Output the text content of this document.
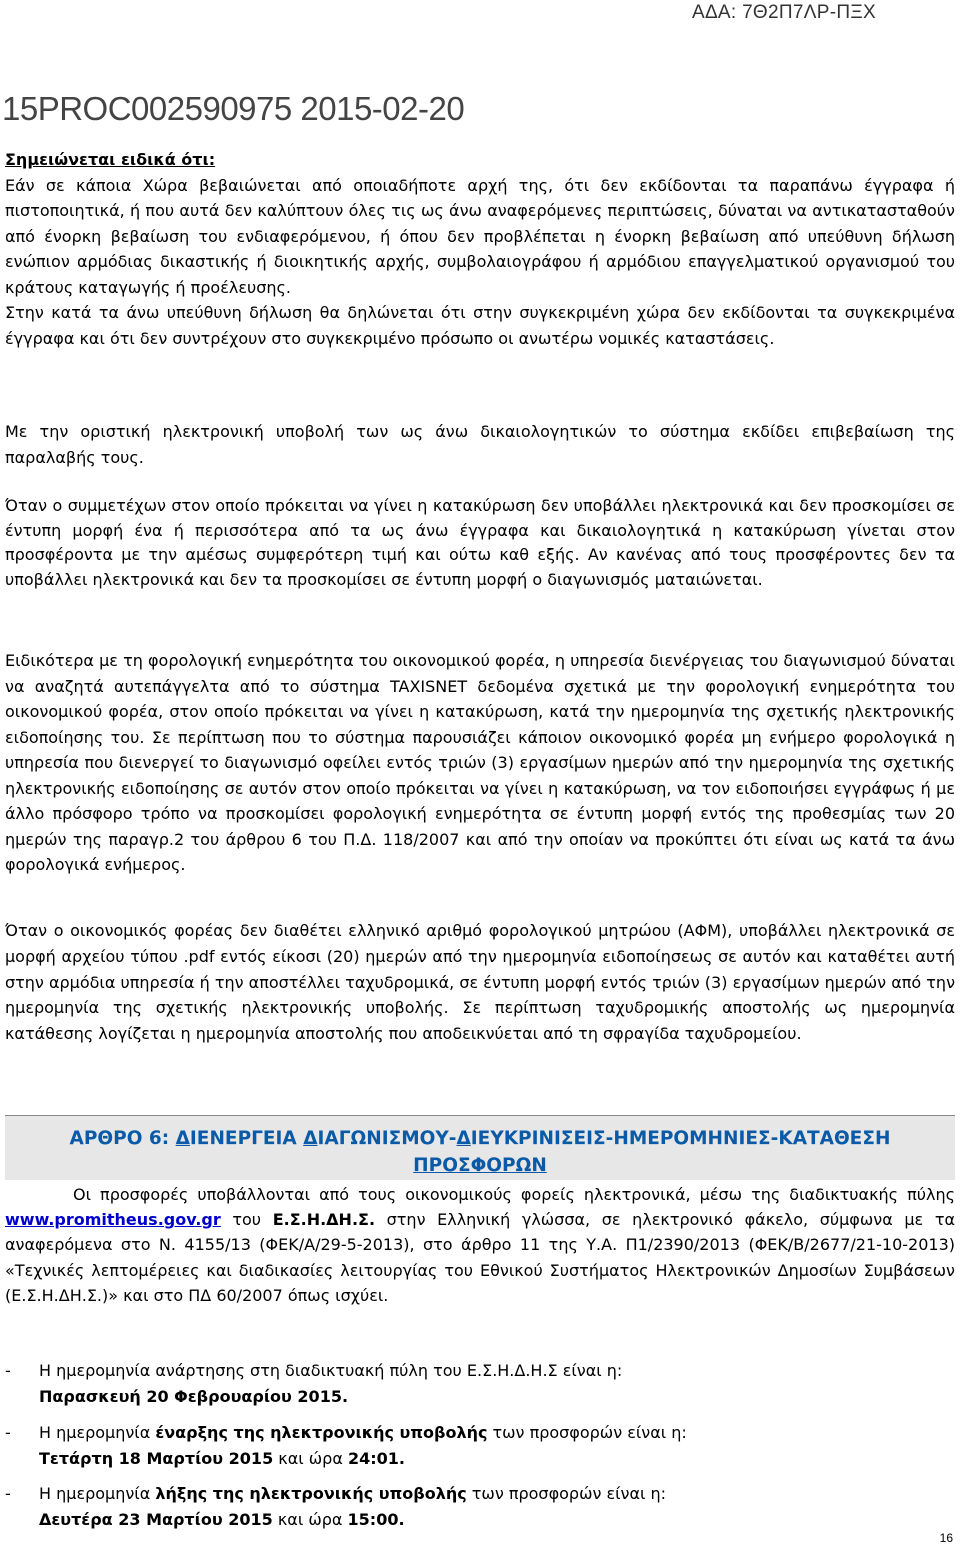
ΑΔΑ: 7Θ2Π7ΛΡ-ΠΞΧ
15PROC002590975 2015-02-20

Σημειώνεται ειδικά ότι:

Εάν σε κάποια Χώρα βεβαιώνεται από οποιαδήποτε αρχή της, ότι δεν εκδίδονται τα παραπάνω έγγραφα ή πιστοποιητικά, ή που αυτά δεν καλύπτουν όλες τις ως άνω αναφερόμενες περιπτώσεις, δύναται να αντικατασταθούν από ένορκη βεβαίωση του ενδιαφερόμενου, ή όπου δεν προβλέπεται η ένορκη βεβαίωση από υπεύθυνη δήλωση ενώπιον αρμόδιας δικαστικής ή διοικητικής αρχής, συμβολαιογράφου ή αρμόδιου επαγγελματικού οργανισμού του κράτους καταγωγής ή προέλευσης.

Στην κατά τα άνω υπεύθυνη δήλωση θα δηλώνεται ότι στην συγκεκριμένη χώρα δεν εκδίδονται τα συγκεκριμένα έγγραφα και ότι δεν συντρέχουν στο συγκεκριμένο πρόσωπο οι ανωτέρω νομικές καταστάσεις.

Με την οριστική ηλεκτρονική υποβολή των ως άνω δικαιολογητικών το σύστημα εκδίδει επιβεβαίωση της παραλαβής τους.
Όταν ο συμμετέχων στον οποίο πρόκειται να γίνει η κατακύρωση δεν υποβάλλει ηλεκτρονικά και δεν προσκομίσει σε έντυπη μορφή ένα ή περισσότερα από τα ως άνω έγγραφα και δικαιολογητικά η κατακύρωση γίνεται στον προσφέροντα με την αμέσως συμφερότερη τιμή και ούτω καθ εξής. Αν κανένας από τους προσφέροντες δεν τα υποβάλλει ηλεκτρονικά και δεν τα προσκομίσει σε έντυπη μορφή ο διαγωνισμός ματαιώνεται.
Ειδικότερα με τη φορολογική ενημερότητα του οικονομικού φορέα, η υπηρεσία διενέργειας του διαγωνισμού δύναται να αναζητά αυτεπάγγελτα από το σύστημα TAXISNET δεδομένα σχετικά με την φορολογική ενημερότητα του οικονομικού φορέα, στον οποίο πρόκειται να γίνει η κατακύρωση, κατά την ημερομηνία της σχετικής ηλεκτρονικής ειδοποίησης του. Σε περίπτωση που το σύστημα παρουσιάζει κάποιον οικονομικό φορέα μη ενήμερο φορολογικά η υπηρεσία που διενεργεί το διαγωνισμό οφείλει εντός τριών (3) εργασίμων ημερών από την ημερομηνία της σχετικής ηλεκτρονικής ειδοποίησης σε αυτόν στον οποίο πρόκειται να γίνει η κατακύρωση, να τον ειδοποιήσει εγγράφως ή με άλλο πρόσφορο τρόπο να προσκομίσει φορολογική ενημερότητα σε έντυπη μορφή εντός της προθεσμίας των 20 ημερών της παραγρ.2 του άρθρου 6 του Π.Δ. 118/2007 και από την οποίαν να προκύπτει ότι είναι ως κατά τα άνω φορολογικά ενήμερος.
Όταν ο οικονομικός φορέας δεν διαθέτει ελληνικό αριθμό φορολογικού μητρώου (ΑΦΜ), υποβάλλει ηλεκτρονικά σε μορφή αρχείου τύπου .pdf εντός είκοσι (20) ημερών από την ημερομηνία ειδοποίησεως σε αυτόν και καταθέτει αυτή στην αρμόδια υπηρεσία ή την αποστέλλει ταχυδρομικά, σε έντυπη μορφή εντός τριών (3) εργασίμων ημερών από την ημερομηνία της σχετικής ηλεκτρονικής υποβολής. Σε περίπτωση ταχυδρομικής αποστολής ως ημερομηνία κατάθεσης λογίζεται η ημερομηνία αποστολής που αποδεικνύεται από τη σφραγίδα ταχυδρομείου.
ΑΡΘΡΟ 6: ΔΙΕΝΕΡΓΕΙΑ ΔΙΑΓΩΝΙΣΜΟΥ-ΔΙΕΥΚΡΙΝΙΣΕΙΣ-ΗΜΕΡΟΜΗΝΙΕΣ-ΚΑΤΑΘΕΣΗ
ΠΡΟΣΦΟΡΩΝ
Οι προσφορές υποβάλλονται από τους οικονομικούς φορείς ηλεκτρονικά, μέσω της διαδικτυακής πύλης www.promitheus.gov.gr του Ε.Σ.Η.ΔΗ.Σ. στην Ελληνική γλώσσα, σε ηλεκτρονικό φάκελο, σύμφωνα με τα αναφερόμενα στο Ν. 4155/13 (ΦΕΚ/Α/29-5-2013), στο άρθρο 11 της Υ.Α. Π1/2390/2013 (ΦΕΚ/Β/2677/21-10-2013) «Τεχνικές λεπτομέρειες και διαδικασίες λειτουργίας του Εθνικού Συστήματος Ηλεκτρονικών Δημοσίων Συμβάσεων (Ε.Σ.Η.ΔΗ.Σ.)» και στο ΠΔ 60/2007 όπως ισχύει.
- Η ημερομηνία ανάρτησης στη διαδικτυακή πύλη του Ε.Σ.Η.Δ.Η.Σ είναι η:
Παρασκευή 20 Φεβρουαρίου 2015.
- Η ημερομηνία έναρξης της ηλεκτρονικής υποβολής των προσφορών είναι η:
Τετάρτη 18 Μαρτίου 2015 και ώρα 24:01.
- Η ημερομηνία λήξης της ηλεκτρονικής υποβολής των προσφορών είναι η:
Δευτέρα 23 Μαρτίου 2015 και ώρα 15:00.
16
